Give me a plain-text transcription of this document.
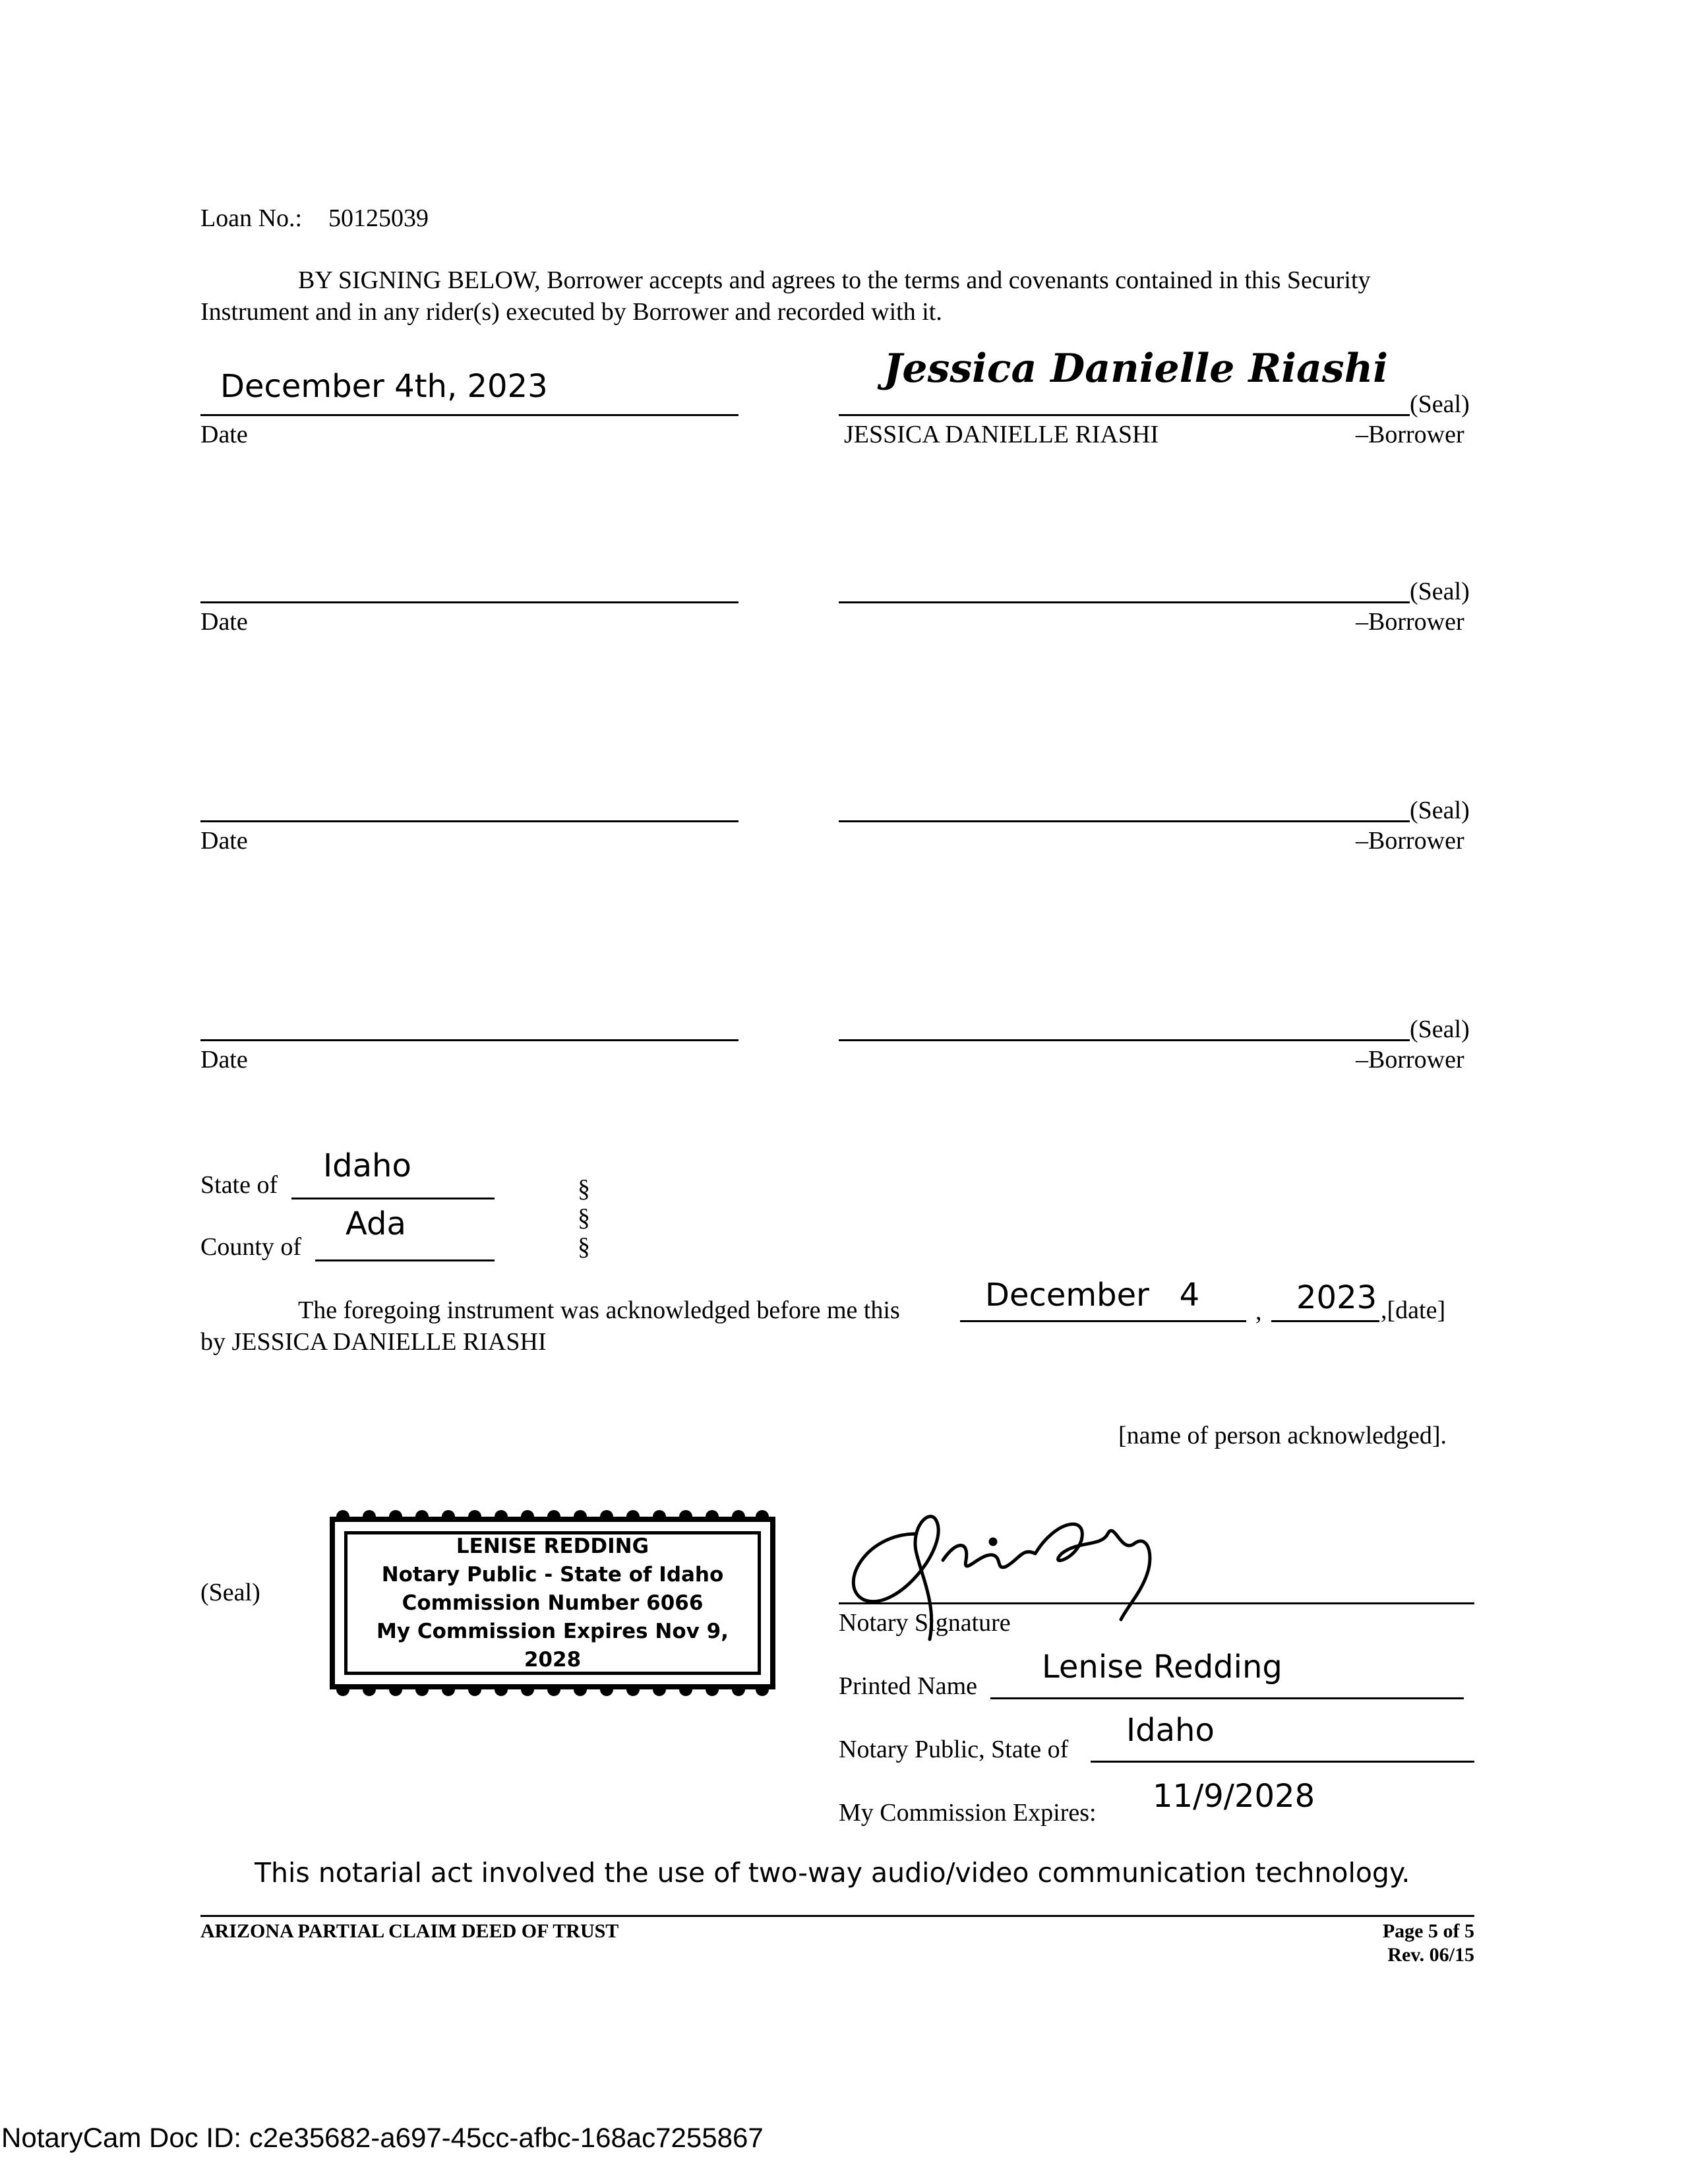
Loan No.: 50125039
BY SIGNING BELOW, Borrower accepts and agrees to the terms and covenants contained in this Security
Instrument and in any rider(s) executed by Borrower and recorded with it.
December 4th, 2023
Date
Jessica Danielle Riashi
(Seal)
JESSICA DANIELLE RIASHI	–Borrower
Date
(Seal)
–Borrower
Date
(Seal)
–Borrower
Date
(Seal)
–Borrower
State of
Idaho
County of
Ada
§
§
§
The foregoing instrument was acknowledged before me this	December   4 , 2023 ,[date]
by JESSICA DANIELLE RIASHI
[name of person acknowledged].
(Seal)
LENISE REDDING
Notary Public - State of Idaho
Commission Number 6066
My Commission Expires Nov 9, 2028
Notary Signature
Printed Name
Lenise Redding
Notary Public, State of
Idaho
My Commission Expires: 11/9/2028
This notarial act involved the use of two-way audio/video communication technology.
ARIZONA PARTIAL CLAIM DEED OF TRUST	Page 5 of 5
Rev. 06/15
NotaryCam Doc ID: c2e35682-a697-45cc-afbc-168ac7255867
